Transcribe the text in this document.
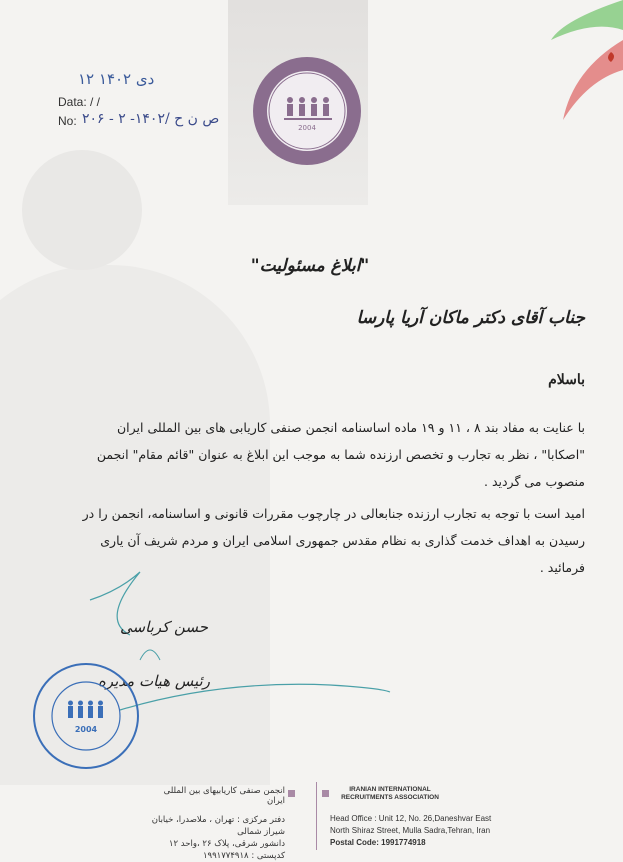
۱۲ دی ۱۴۰۲
Data: / /
No: ۲۰۶ - ۲ -۱۴۰۲/ ص ن ح
2004
"ابلاغ مسئولیت"
جناب آقای دکتر ماکان آریا پارسا
باسلام
با عنایت به مفاد بند ۸ ، ۱۱ و ۱۹ ماده اساسنامه انجمن صنفی کاریابی های بین المللی ایران
"اصکابا" ، نظر به تجارب و تخصص ارزنده شما به موجب این ابلاغ به عنوان "قائم مقام" انجمن
منصوب می گردید .
امید است با توجه به تجارب ارزنده جنابعالی در چارچوب مقررات قانونی و اساسنامه، انجمن را در
رسیدن به اهداف خدمت گذاری به نظام مقدس جمهوری اسلامی ایران و مردم شریف آن یاری
فرمائید .
حسن کرباسی
رئیس هیات مدیره
2004
انجمن صنفی کاریابیهای بین المللی ایران
دفتر مرکزی : تهران ، ملاصدرا، خیابان شیراز شمالی
دانشور شرقی، پلاک ۲۶ ،واحد ۱۲
کدپستی : ۱۹۹۱۷۷۴۹۱۸
IRANIAN INTERNATIONAL RECRUITMENTS ASSOCIATION
Head Office : Unit 12, No. 26,Daneshvar East
North Shiraz Street, Mulla Sadra,Tehran, Iran
Postal Code: 1991774918
